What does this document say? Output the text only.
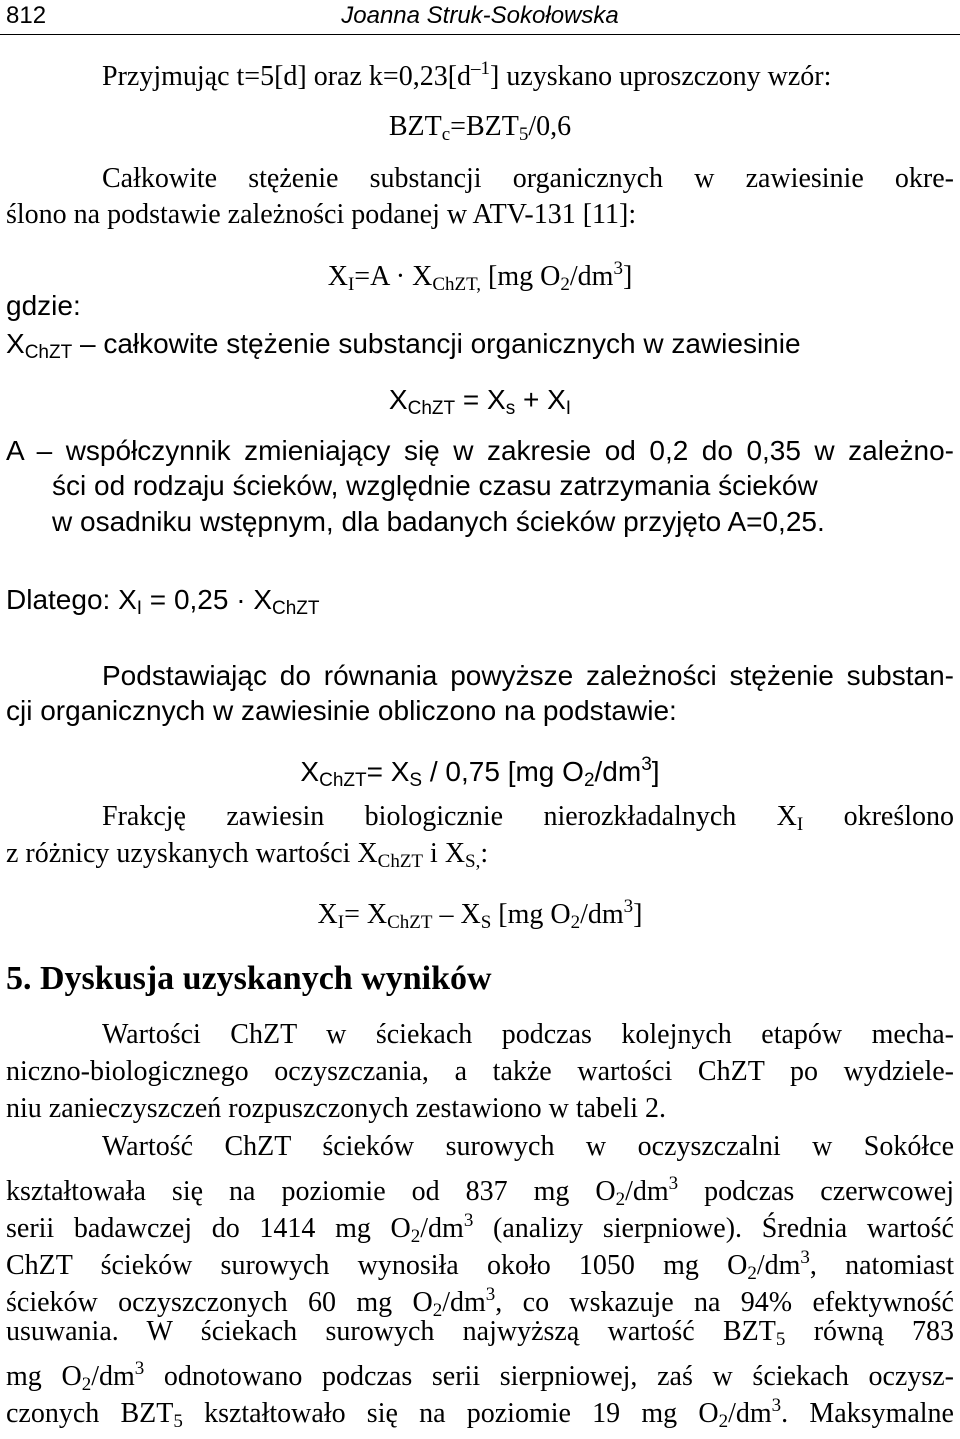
812	Joanna Struk-Sokołowska
Przyjmując t=5[d] oraz $k=0,23[d^{-1}]$ uzyskano uproszczony wzór:
$BZT_c=BZT_5/0,6$
Całkowite stężenie substancji organicznych w zawiesinie okre-
ślono na podstawie zależności podanej w ATV-131 [11]:
$X_I=A \cdot X_{ChZT,}$ [mg $O_2/dm^3$]
gdzie:
$X_{ChZT}$ – całkowite stężenie substancji organicznych w zawiesinie
$X_{ChZT} = X_s + X_I$
A – współczynnik zmieniający się w zakresie od 0,2 do 0,35 w zależno-
ści od rodzaju ścieków, względnie czasu zatrzymania ścieków
w osadniku wstępnym, dla badanych ścieków przyjęto A=0,25.
Dlatego: $X_I = 0,25 \cdot X_{ChZT}$
Podstawiając do równania powyższe zależności stężenie substan-
cji organicznych w zawiesinie obliczono na podstawie:
$X_{ChZT}= X_S / 0,75$ [mg $O_2/dm^3$]
Frakcję zawiesin biologicznie nierozkładalnych $X_I$ określono
z różnicy uzyskanych wartości $X_{ChZT}$ i $X_{S,}$:
$X_I= X_{ChZT} - X_S$ [mg $O_2/dm^3$]
5. Dyskusja uzyskanych wyników
Wartości ChZT w ściekach podczas kolejnych etapów mecha-
niczno-biologicznego oczyszczania, a także wartości ChZT po wydziele-
niu zanieczyszczeń rozpuszczonych zestawiono w tabeli 2.
Wartość ChZT ścieków surowych w oczyszczalni w Sokółce
kształtowała się na poziomie od 837 mg $O_2/dm^3$ podczas czerwcowej
serii badawczej do 1414 mg $O_2/dm^3$ (analizy sierpniowe). Średnia wartość
ChZT ścieków surowych wynosiła około 1050 mg $O_2/dm^3$, natomiast
ścieków oczyszczonych 60 mg $O_2/dm^3$, co wskazuje na 94% efektywność
usuwania. W ściekach surowych najwyższą wartość $BZT_5$ równą 783
mg $O_2/dm^3$ odnotowano podczas serii sierpniowej, zaś w ściekach oczysz-
czonych $BZT_5$ kształtowało się na poziomie 19 mg $O_2/dm^3$. Maksymalne
